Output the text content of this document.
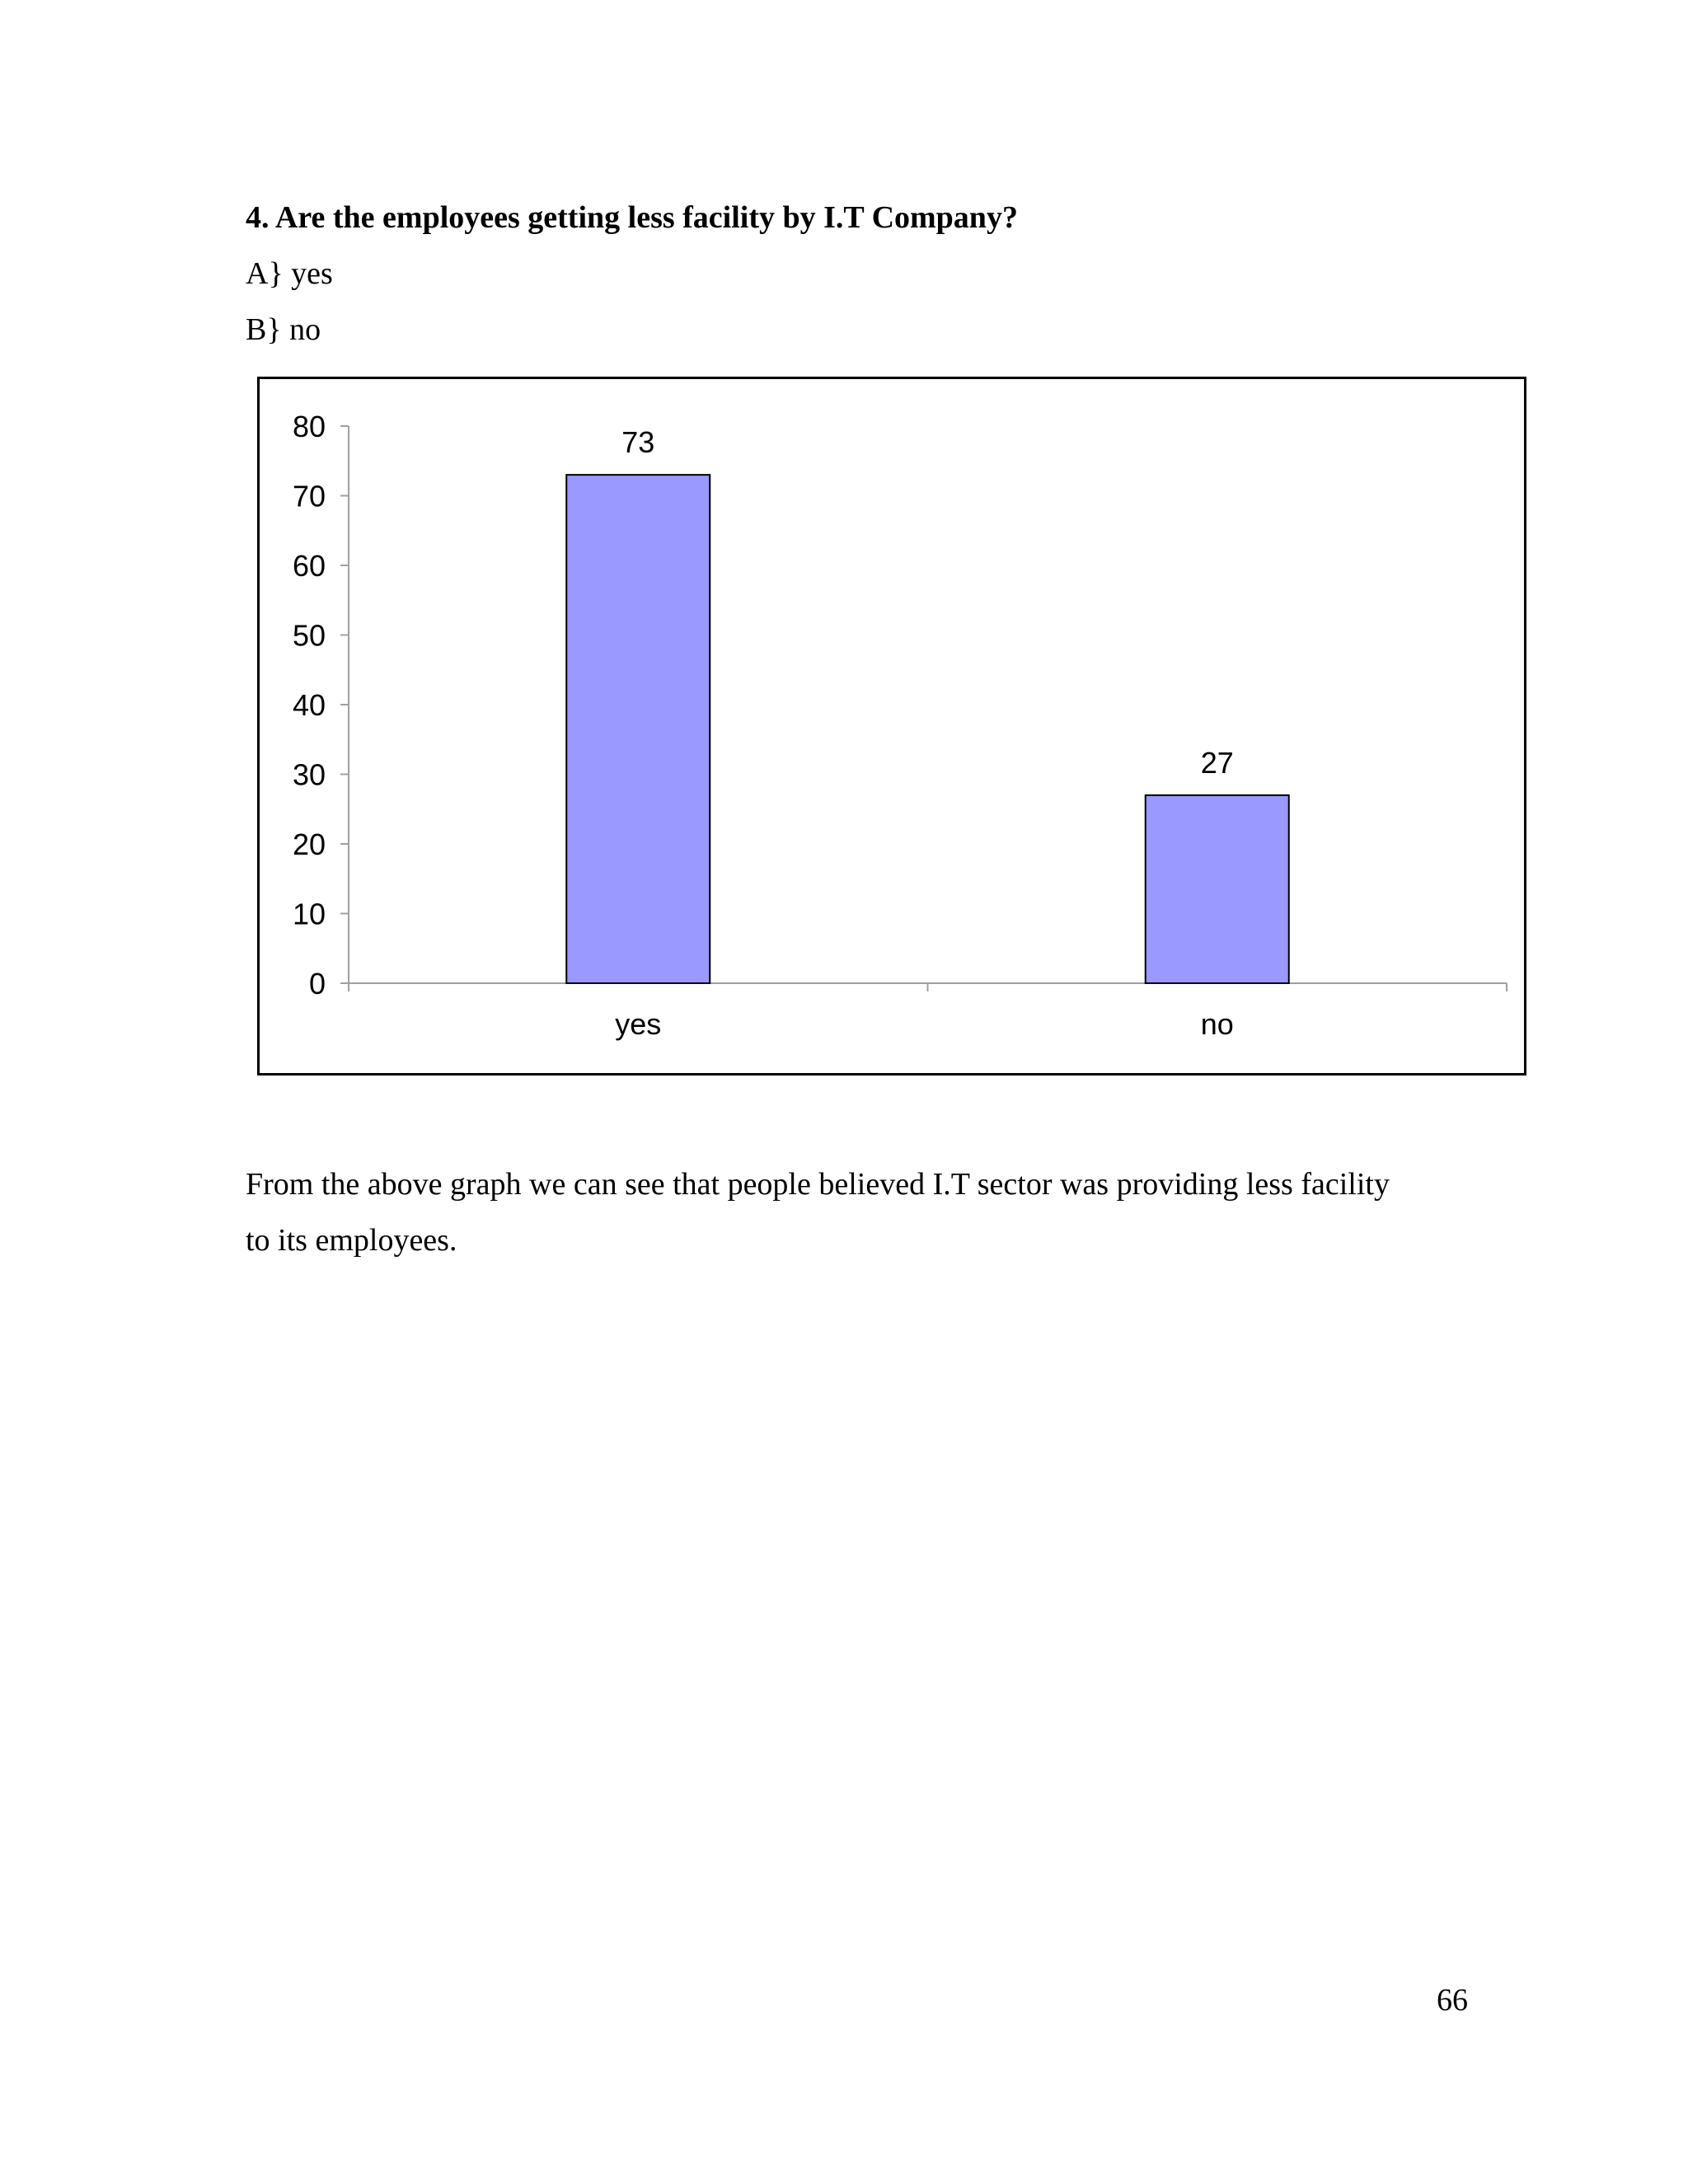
4. Are the employees getting less facility by I.T Company?
A} yes
B} no
0
10
20
30
40
50
60
70
80
yes	no
73
27
From the above graph we can see that people believed I.T sector was providing less facility
to its employees.
66
